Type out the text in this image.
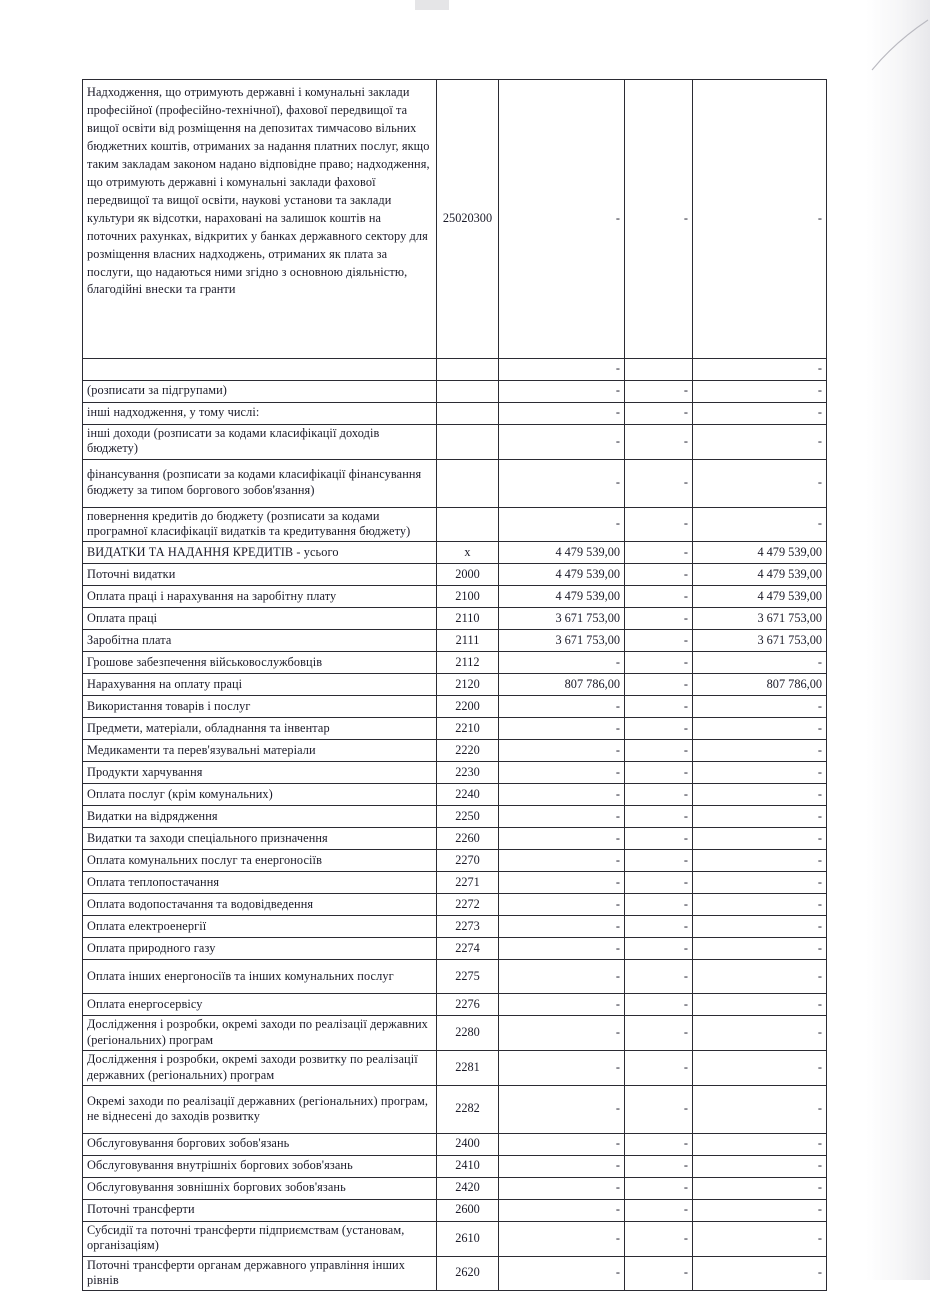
Надходження, що отримують державні і комунальні заклади професійної (професійно-технічної), фахової передвищої та вищої освіти від розміщення на депозитах тимчасово вільних бюджетних коштів, отриманих за надання платних послуг, якщо таким закладам законом надано відповідне право; надходження, що отримують державні і комунальні заклади фахової передвищої та вищої освіти, наукові установи та заклади культури як відсотки, нараховані на залишок коштів на поточних рахунках, відкритих у банках державного сектору для розміщення власних надходжень, отриманих як плата за послуги, що надаються ними згідно з основною діяльністю, благодійні внески та гранти	25020300	-	-	-
		-		-
(розписати за підгрупами)		-	-	-
інші надходження, у тому числі:		-	-	-
інші доходи (розписати за кодами класифікації доходів бюджету)		-	-	-
фінансування (розписати за кодами класифікації фінансування бюджету за типом боргового зобов'язання)		-	-	-
повернення кредитів до бюджету (розписати за кодами програмної класифікації видатків та кредитування бюджету)		-	-	-
ВИДАТКИ ТА НАДАННЯ КРЕДИТІВ - усього	х	4 479 539,00	-	4 479 539,00
Поточні видатки	2000	4 479 539,00	-	4 479 539,00
Оплата праці і нарахування на заробітну плату	2100	4 479 539,00	-	4 479 539,00
Оплата праці	2110	3 671 753,00	-	3 671 753,00
Заробітна плата	2111	3 671 753,00	-	3 671 753,00
Грошове забезпечення військовослужбовців	2112	-	-	-
Нарахування на оплату праці	2120	807 786,00	-	807 786,00
Використання товарів і послуг	2200	-	-	-
Предмети, матеріали, обладнання та інвентар	2210	-	-	-
Медикаменти та перев'язувальні матеріали	2220	-	-	-
Продукти харчування	2230	-	-	-
Оплата послуг (крім комунальних)	2240	-	-	-
Видатки на відрядження	2250	-	-	-
Видатки та заходи спеціального призначення	2260	-	-	-
Оплата комунальних послуг та енергоносіїв	2270	-	-	-
Оплата теплопостачання	2271	-	-	-
Оплата водопостачання та водовідведення	2272	-	-	-
Оплата електроенергії	2273	-	-	-
Оплата природного газу	2274	-	-	-
Оплата інших енергоносіїв та інших комунальних послуг	2275	-	-	-
Оплата енергосервісу	2276	-	-	-
Дослідження і розробки, окремі заходи по реалізації державних (регіональних) програм	2280	-	-	-
Дослідження і розробки, окремі заходи розвитку по реалізації державних (регіональних) програм	2281	-	-	-
Окремі заходи по реалізації державних (регіональних) програм, не віднесені до заходів розвитку	2282	-	-	-
Обслуговування боргових зобов'язань	2400	-	-	-
Обслуговування внутрішніх боргових зобов'язань	2410	-	-	-
Обслуговування зовнішніх боргових зобов'язань	2420	-	-	-
Поточні трансферти	2600	-	-	-
Субсидії та поточні трансферти підприємствам (установам, організаціям)	2610	-	-	-
Поточні трансферти органам державного управління інших рівнів	2620	-	-	-
